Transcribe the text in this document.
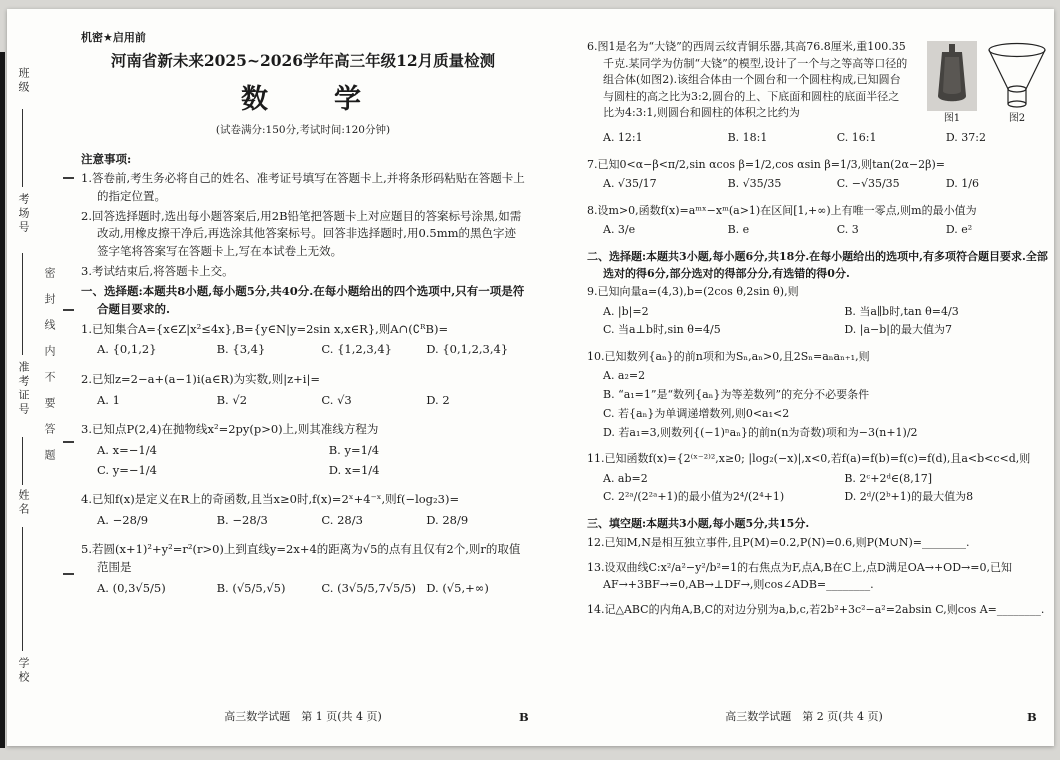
班级
考场号
准考证号
姓名
学校
密封线内不要答题
机密★启用前
河南省新未来2025~2026学年高三年级12月质量检测
数　　学
(试卷满分:150分,考试时间:120分钟)
注意事项:

1.答卷前,考生务必将自己的姓名、准考证号填写在答题卡上,并将条形码粘贴在答题卡上的指定位置。

2.回答选择题时,选出每小题答案后,用2B铅笔把答题卡上对应题目的答案标号涂黑,如需改动,用橡皮擦干净后,再选涂其他答案标号。回答非选择题时,用0.5mm的黑色字迹签字笔将答案写在答题卡上,写在本试卷上无效。

3.考试结束后,将答题卡上交。

一、选择题:本题共8小题,每小题5分,共40分.在每小题给出的四个选项中,只有一项是符合题目要求的.

1.已知集合A={x∈Z|x²≤4x},B={y∈N|y=2sin x,x∈R},则A∩(∁ᴿB)=

A. {0,1,2}	B. {3,4}	C. {1,2,3,4}	D. {0,1,2,3,4}

2.已知z=2−a+(a−1)i(a∈R)为实数,则|z+i|=

A. 1	B. √2	C. √3	D. 2

3.已知点P(2,4)在抛物线x²=2py(p>0)上,则其准线方程为

A. x=−1/4	B. y=1/4
C. y=−1/4	D. x=1/4

4.已知f(x)是定义在R上的奇函数,且当x≥0时,f(x)=2ˣ+4⁻ˣ,则f(−log₂3)=

A. −28/9	B. −28/3	C. 28/3	D. 28/9

5.若圆(x+1)²+y²=r²(r>0)上到直线y=2x+4的距离为√5的点有且仅有2个,则r的取值范围是

A. (0,3√5/5)	B. (√5/5,√5)	C. (3√5/5,7√5/5) D. (√5,+∞)
图1	图2

6.图1是名为“大铙”的西周云纹青铜乐器,其高76.8厘米,重100.35千克.某同学为仿制“大铙”的模型,设计了一个与之等高等口径的组合体(如图2).该组合体由一个圆台和一个圆柱构成,已知圆台与圆柱的高之比为3:2,圆台的上、下底面和圆柱的底面半径之比为4:3:1,则圆台和圆柱的体积之比约为

A. 12:1	B. 18:1	C. 16:1	D. 37:2

7.已知0<α−β<π/2,sin αcos β=1/2,cos αsin β=1/3,则tan(2α−2β)=

A. √35/17	B. √35/35	C. −√35/35	D. 1/6

8.设m>0,函数f(x)=aᵐˣ−xᵐ(a>1)在区间[1,+∞)上有唯一零点,则m的最小值为

A. 3/e	B. e	C. 3	D. e²

二、选择题:本题共3小题,每小题6分,共18分.在每小题给出的选项中,有多项符合题目要求.全部选对的得6分,部分选对的得部分分,有选错的得0分.

9.已知向量a=(4,3),b=(2cos θ,2sin θ),则

A. |b|=2	B. 当a∥b时,tan θ=4/3
C. 当a⊥b时,sin θ=4/5	D. |a−b|的最大值为7

10.已知数列{aₙ}的前n项和为Sₙ,aₙ>0,且2Sₙ=aₙaₙ₊₁,则

A. a₂=2
B. “a₁=1”是“数列{aₙ}为等差数列”的充分不必要条件
C. 若{aₙ}为单调递增数列,则0<a₁<2
D. 若a₁=3,则数列{(−1)ⁿaₙ}的前n(n为奇数)项和为−3(n+1)/2

11.已知函数f(x)={2⁽ˣ⁻²⁾²,x≥0; |log₂(−x)|,x<0,若f(a)=f(b)=f(c)=f(d),且a<b<c<d,则

A. ab=2	B. 2ᶜ+2ᵈ∈(8,17]
C. 2²ᵃ/(2²ᵃ+1)的最小值为2⁴/(2⁴+1)	D. 2ᵈ/(2ᵇ+1)的最大值为8

三、填空题:本题共3小题,每小题5分,共15分.

12.已知M,N是相互独立事件,且P(M)=0.2,P(N)=0.6,则P(M∪N)=________.

13.设双曲线C:x²/a²−y²/b²=1的右焦点为F,点A,B在C上,点D满足OA→+OD→=0,已知AF→+3BF→=0,AB→⊥DF→,则cos∠ADB=________.

14.记△ABC的内角A,B,C的对边分别为a,b,c,若2b²+3c²−a²=2absin C,则cos A=________.

高三数学试题　第 1 页(共 4 页)	B	高三数学试题　第 2 页(共 4 页)	B
